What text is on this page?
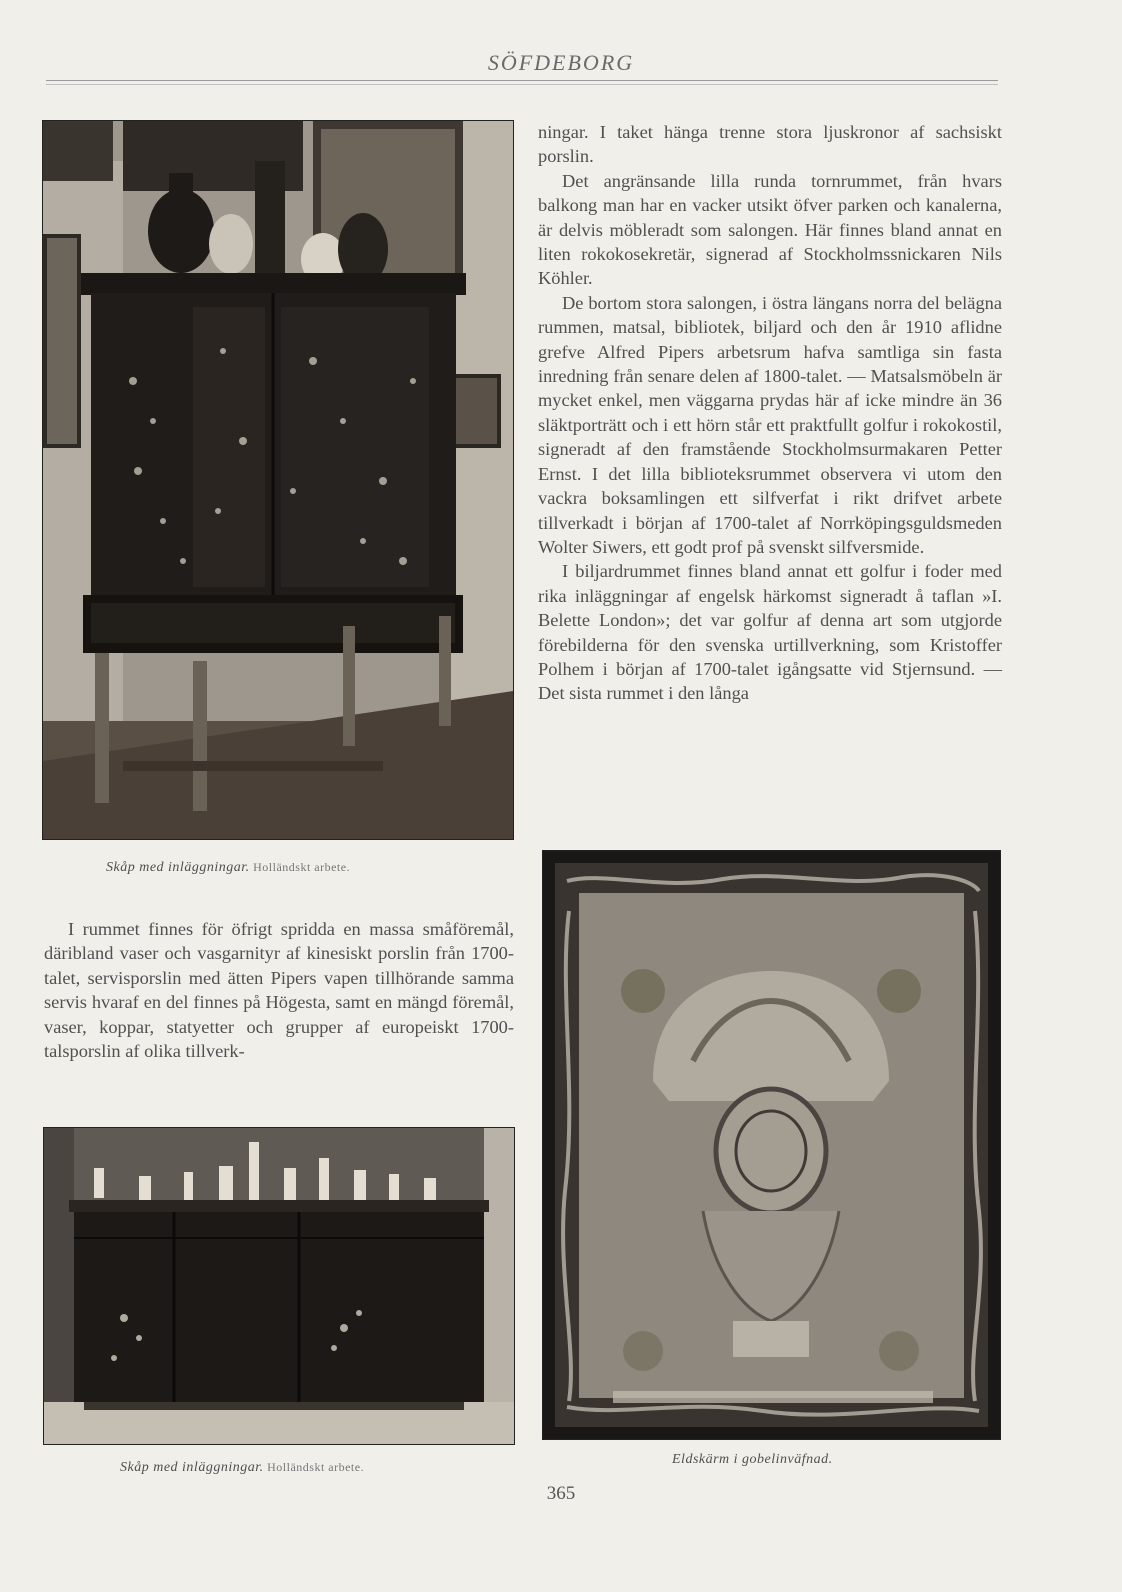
SÖFDEBORG
Skåp med inläggningar. Holländskt arbete.

ningar. I taket hänga trenne stora ljuskronor af sachsiskt porslin.

Det angränsande lilla runda tornrummet, från hvars balkong man har en vacker utsikt öfver parken och kanalerna, är delvis möbleradt som salongen. Här finnes bland annat en liten rokokosekretär, signerad af Stockholmssnickaren Nils Köhler.

De bortom stora salongen, i östra längans norra del belägna rummen, matsal, bibliotek, biljard och den år 1910 aflidne grefve Alfred Pipers arbetsrum hafva samtliga sin fasta inredning från senare delen af 1800-talet. — Matsalsmöbeln är mycket enkel, men väggarna prydas här af icke mindre än 36 släktporträtt och i ett hörn står ett praktfullt golfur i rokokostil, signeradt af den framstående Stockholmsurmakaren Petter Ernst. I det lilla biblioteksrummet observera vi utom den vackra boksamlingen ett silfverfat i rikt drifvet arbete tillverkadt i början af 1700-talet af Norrköpingsguldsmeden Wolter Siwers, ett godt prof på svenskt silfversmide.

I biljardrummet finnes bland annat ett golfur i foder med rika inläggningar af engelsk härkomst signeradt å taflan »I. Belette London»; det var golfur af denna art som utgjorde förebilderna för den svenska urtillverkning, som Kristoffer Polhem i början af 1700-talet igångsatte vid Stjernsund. — Det sista rummet i den långa

I rummet finnes för öfrigt spridda en massa småföremål, däribland vaser och vasgarnityr af kinesiskt porslin från 1700-talet, servisporslin med ätten Pipers vapen tillhörande samma servis hvaraf en del finnes på Högesta, samt en mängd föremål, vaser, koppar, statyetter och grupper af europeiskt 1700-talsporslin af olika tillverk-

Skåp med inläggningar. Holländskt arbete.	Eldskärm i gobelinväfnad.
365
